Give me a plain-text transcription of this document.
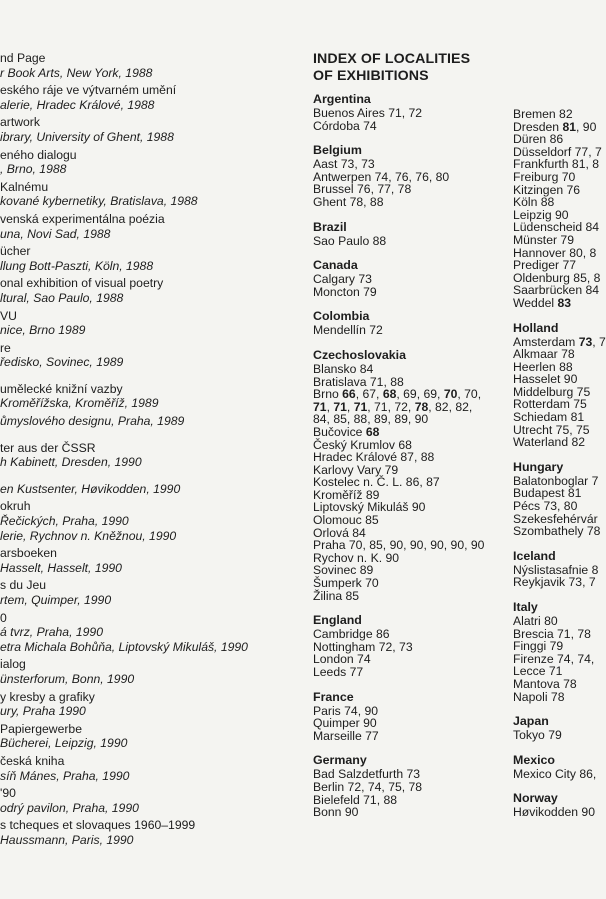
nd Page
r Book Arts, New York, 1988
eského ráje ve výtvarném umění
alerie, Hradec Králové, 1988
artwork
ibrary, University of Ghent, 1988
eného dialogu
, Brno, 1988
Kalnému
kované kybernetiky, Bratislava, 1988
venská experimentálna poézia
una, Novi Sad, 1988
ücher
llung Bott-Paszti, Köln, 1988
onal exhibition of visual poetry
ltural, Sao Paulo, 1988
VU
nice, Brno 1989
re
ředisko, Sovinec, 1989
umělecké knižní vazby
Kroměřížska, Kroměříž, 1989
ůmyslového designu, Praha, 1989
ter aus der ČSSR
h Kabinett, Dresden, 1990
en Kustsenter, Høvikodden, 1990
okruh
Řečických, Praha, 1990
lerie, Rychnov n. Kněžnou, 1990
arsboeken
Hasselt, Hasselt, 1990
s du Jeu
rtem, Quimper, 1990
0
á tvrz, Praha, 1990
etra Michala Bohůňa, Liptovský Mikuláš, 1990
ialog
ünsterforum, Bonn, 1990
y kresby a grafiky
ury, Praha 1990
Papiergewerbe
Bücherei, Leipzig, 1990
česká kniha
síň Mánes, Praha, 1990
'90
odrý pavilon, Praha, 1990
s tcheques et slovaques 1960–1999
Haussmann, Paris, 1990
INDEX OF LOCALITIES
OF EXHIBITIONS
Argentina
Buenos Aires 71, 72
Córdoba 74
Belgium
Aast 73, 73
Antwerpen 74, 76, 76, 80
Brussel 76, 77, 78
Ghent 78, 88
Brazil
Sao Paulo 88
Canada
Calgary 73
Moncton 79
Colombia
Mendellín 72
Czechoslovakia
Blansko 84
Bratislava 71, 88
Brno 66, 67, 68, 69, 69, 70, 70,
71, 71, 71, 71, 72, 78, 82, 82,
84, 85, 88, 89, 89, 90
Bučovice 68
Český Krumlov 68
Hradec Králové 87, 88
Karlovy Vary 79
Kostelec n. Č. L. 86, 87
Kroměříž 89
Liptovský Mikuláš 90
Olomouc 85
Orlová 84
Praha 70, 85, 90, 90, 90, 90, 90
Rychov n. K. 90
Sovinec 89
Šumperk 70
Žilina 85
England
Cambridge 86
Nottingham 72, 73
London 74
Leeds 77
France
Paris 74, 90
Quimper 90
Marseille 77
Germany
Bad Salzdetfurth 73
Berlin 72, 74, 75, 78
Bielefeld 71, 88
Bonn 90
Bremen 82
Dresden 81, 90
Düren 86
Düsseldorf 77, 7
Frankfurth 81, 8
Freiburg 70
Kitzingen 76
Köln 88
Leipzig 90
Lüdenscheid 84
Münster 79
Hannover 80, 8
Prediger 77
Oldenburg 85, 8
Saarbrücken 84
Weddel 83
Holland
Amsterdam 73, 7
Alkmaar 78
Heerlen 88
Hasselet 90
Middelburg 75
Rotterdam 75
Schiedam 81
Utrecht 75, 75
Waterland 82
Hungary
Balatonboglar 7
Budapest 81
Pécs 73, 80
Szekesfehérvár
Szombathely 78
Iceland
Nýslistasafnie 8
Reykjavik 73, 7
Italy
Alatri 80
Brescia 71, 78
Finggi 79
Firenze 74, 74,
Lecce 71
Mantova 78
Napoli 78
Japan
Tokyo 79
Mexico
Mexico City 86,
Norway
Høvikodden 90
